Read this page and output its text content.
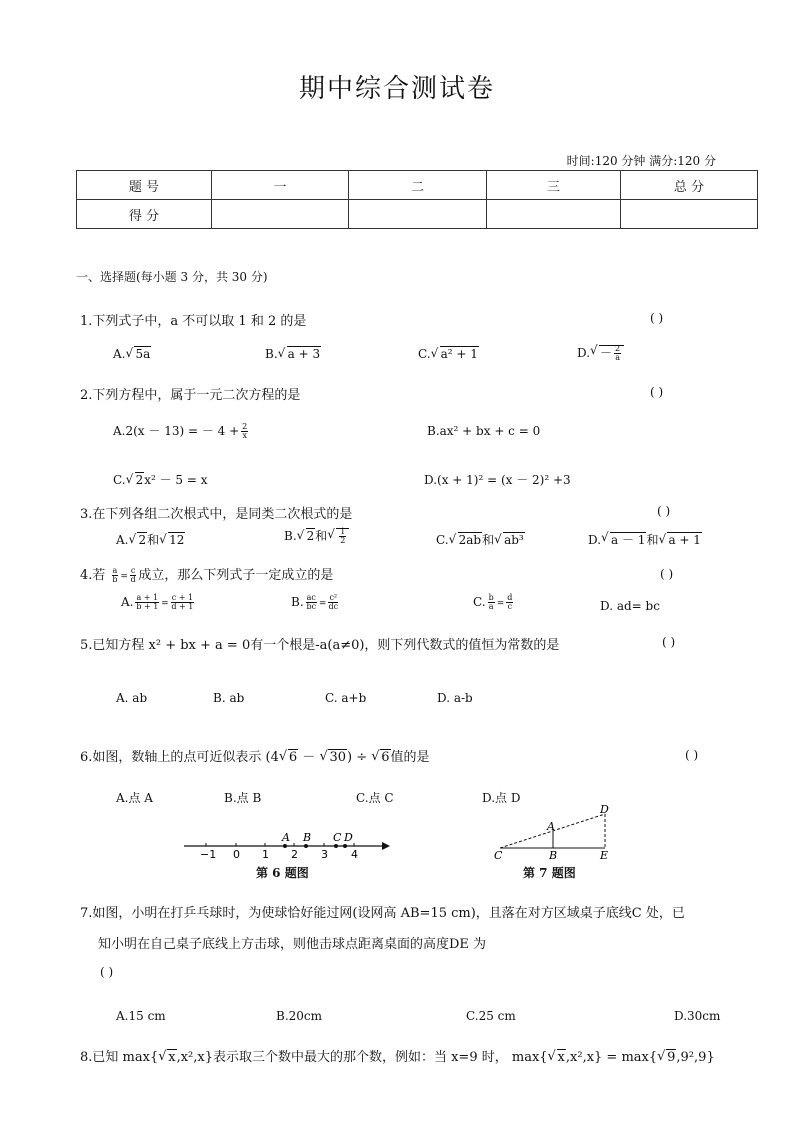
期中综合测试卷
时间:120 分钟 满分:120 分
题 号	一	二	三	总 分
得 分				
一、选择题(每小题 3 分，共 30 分)
1.下列式子中，a 不可以取 1 和 2 的是	( )
A. √ 5a	B. √ a + 3	C. √ a² + 1	D. √ － $\frac{2}{a}$
2.下列方程中，属于一元二次方程的是	( )
A.2(x － 13) = － $4 + \frac{2}{x}$	B.ax² + bx + c = 0
C. √ 2x² － 5 = x	D.(x + 1)² = (x － 2)² +3
3.在下列各组二次根式中，是同类二次根式的是	( )
A. √ 2和 √ 12	B. √ 2和 √ $\frac{1}{2}$	C. √ 2ab和 √ ab³	D. √ a － 1和 √ a + 1
4.若 $\frac{a}{b} = \frac{c}{d}$ 成立，那么下列式子一定成立的是	( )
A. $\frac{a + 1}{b + 1} = \frac{c + 1}{d + 1}$	B. $\frac{ac}{bc} = \frac{\text{c²}}{dc}$	C. $\frac{b}{a} = \frac{d}{c}$	D. ad= bc
5.已知方程 x² + bx + a = 0有一个根是-a(a≠0)，则下列代数式的值恒为常数的是	( )
A. ab	B. ab	C. a+b	D. a-b
6.如图，数轴上的点可近似表示 (4 √ 6 － √ 30) ÷ √ 6值的是	( )
A.点 A	B.点 B	C.点 C	D.点 D
−1 0 1 2 3 4
A B C D
第 6 题图
C	B	E
A
D
第 7 题图
7.如图，小明在打乒乓球时，为使球恰好能过网(设网高 AB=15 cm)，且落在对方区域桌子底线C 处，已
知小明在自己桌子底线上方击球，则他击球点距离桌面的高度DE 为
( )
A.15 cm	B.20cm	C.25 cm	D.30cm
8.已知 max{ √ x,x²,x}表示取三个数中最大的那个数，例如：当 x=9 时， max{ √ x,x²,x} = max{ √ 9,9²,9}
